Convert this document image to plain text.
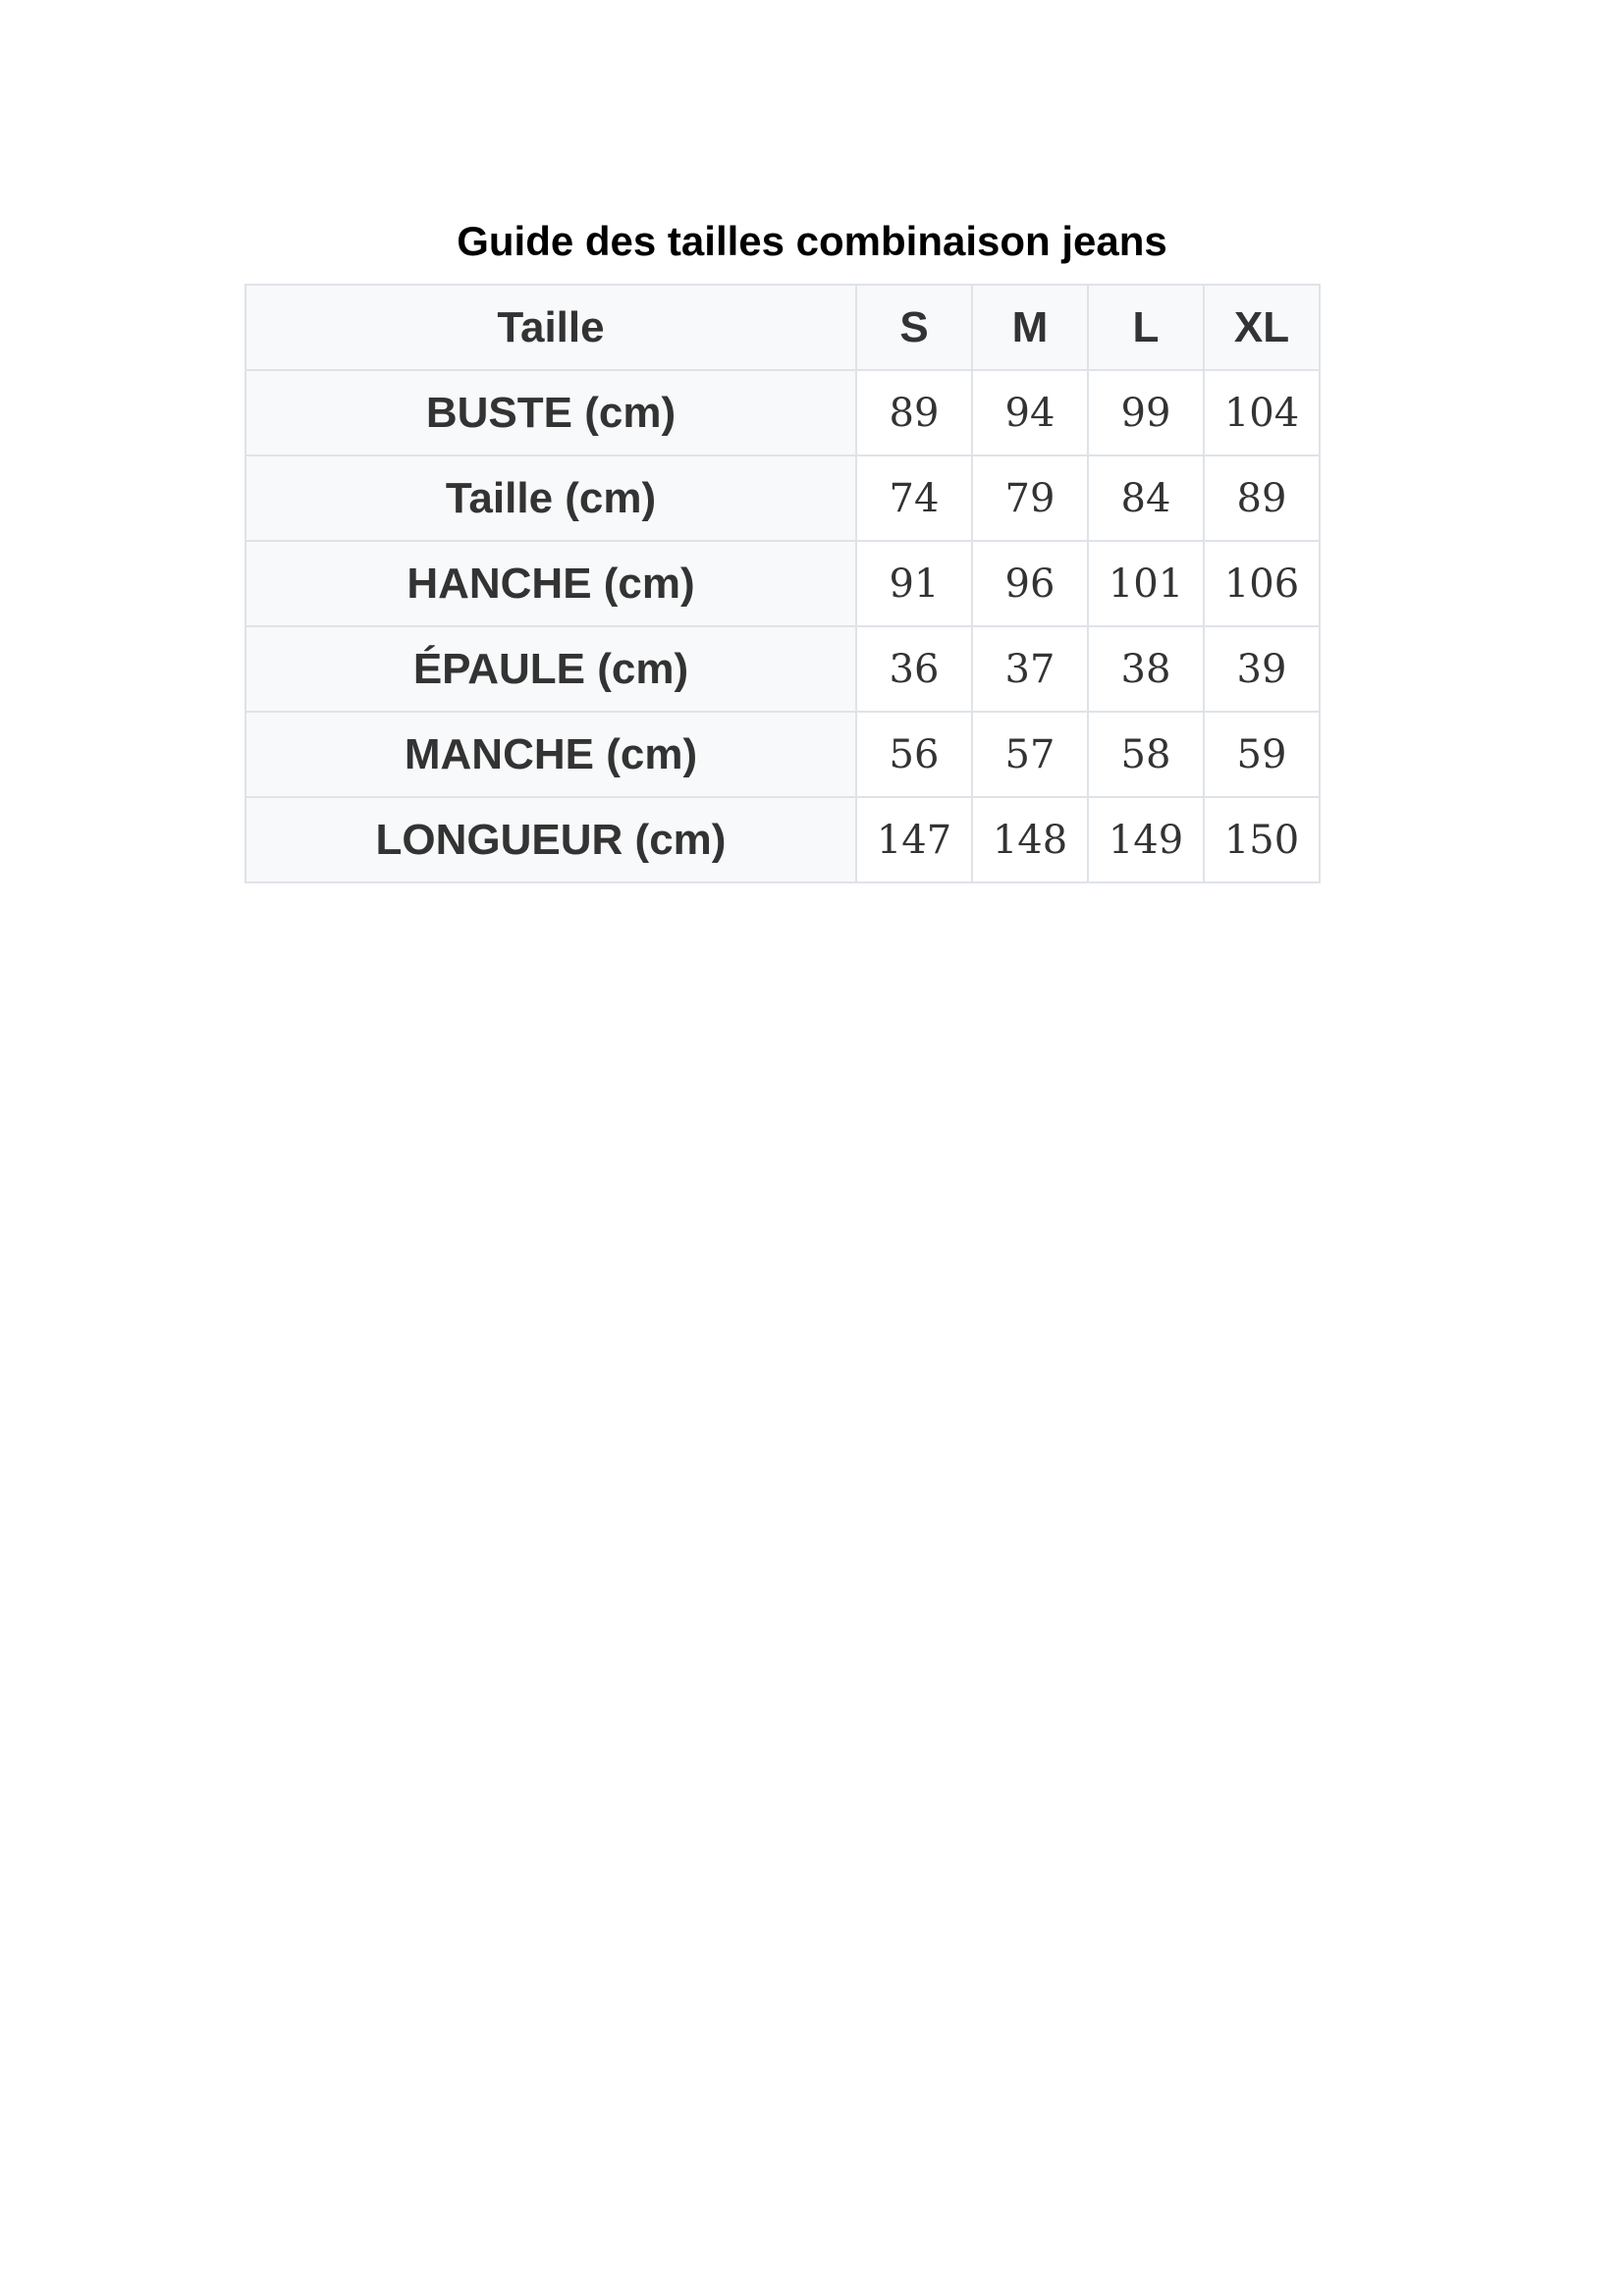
Guide des tailles combinaison jeans
Taille	S	M	L	XL
BUSTE (cm)	89	94	99	104
Taille (cm)	74	79	84	89
HANCHE (cm)	91	96	101	106
ÉPAULE (cm)	36	37	38	39
MANCHE (cm)	56	57	58	59
LONGUEUR (cm)	147	148	149	150
